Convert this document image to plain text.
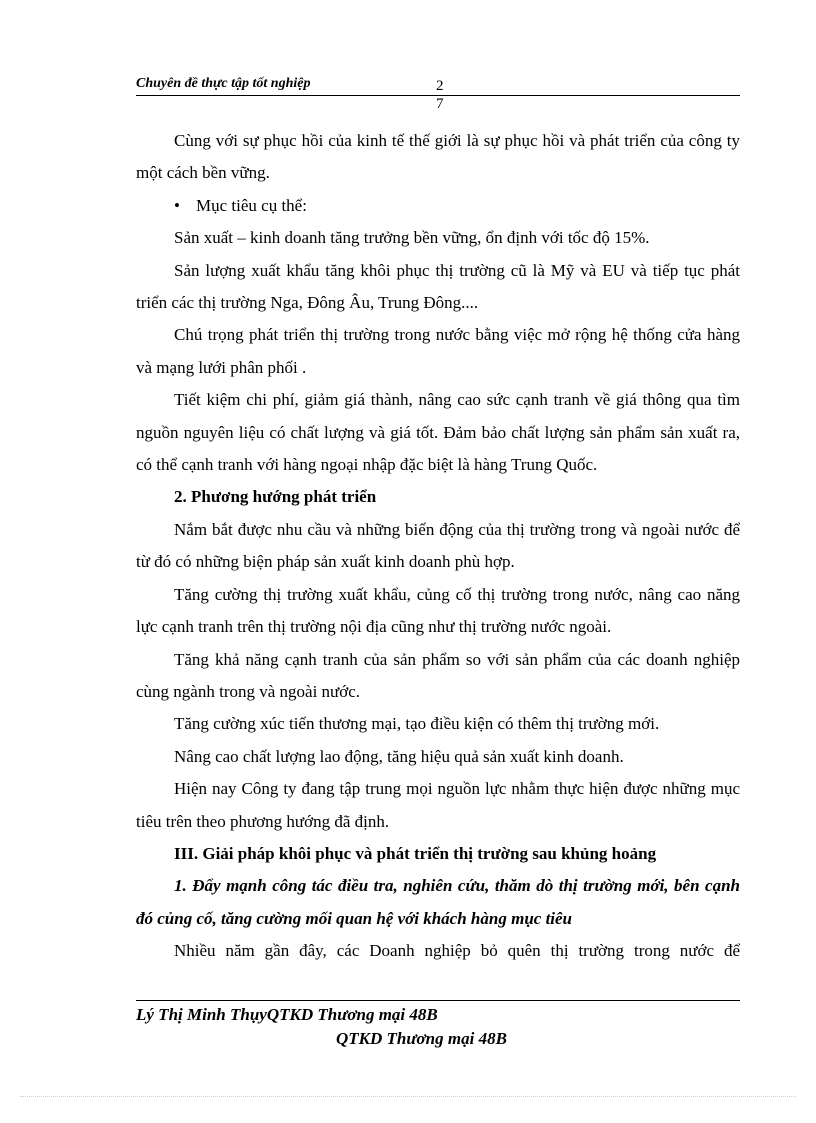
Chuyên đề thực tập tốt nghiệp	2
7

Cùng với sự phục hồi của kinh tế thế giới là sự phục hồi và phát triển của công ty một cách bền vững.

• Mục tiêu cụ thể:

Sản xuất – kinh doanh tăng trưởng bền vững, ổn định với tốc độ 15%.

Sản lượng xuất khẩu tăng khôi phục thị trường cũ là Mỹ và EU và tiếp tục phát triển các thị trường Nga, Đông Âu, Trung Đông....

Chú trọng phát triển thị trường trong nước bằng việc mở rộng hệ thống cửa hàng và mạng lưới phân phối .

Tiết kiệm chi phí, giảm giá thành, nâng cao sức cạnh tranh về giá thông qua tìm nguồn nguyên liệu có chất lượng và giá tốt. Đảm bảo chất lượng sản phẩm sản xuất ra, có thể cạnh tranh với hàng ngoại nhập đặc biệt là hàng Trung Quốc.

2. Phương hướng phát triển

Nắm bắt được nhu cầu và những biến động của thị trường trong và ngoài nước để từ đó có những biện pháp sản xuất kinh doanh phù hợp.

Tăng cường thị trường xuất khẩu, củng cố thị trường trong nước, nâng cao năng lực cạnh tranh trên thị trường nội địa cũng như thị trường nước ngoài.

Tăng khả năng cạnh tranh của sản phẩm so với sản phẩm của các doanh nghiệp cùng ngành trong và ngoài nước.

Tăng cường xúc tiến thương mại, tạo điều kiện có thêm thị trường mới.

Nâng cao chất lượng lao động, tăng hiệu quả sản xuất kinh doanh.

Hiện nay Công ty đang tập trung mọi nguồn lực nhằm thực hiện được những mục tiêu trên theo phương hướng đã định.

III. Giải pháp khôi phục và phát triển thị trường sau khủng hoảng

1. Đẩy mạnh công tác điều tra, nghiên cứu, thăm dò thị trường mới, bên cạnh đó củng cố, tăng cường mối quan hệ với khách hàng mục tiêu

Nhiều năm gần đây, các Doanh nghiệp bỏ quên thị trường trong nước để

Lý Thị Minh ThụyQTKD Thương mại 48B
QTKD Thương mại 48B
